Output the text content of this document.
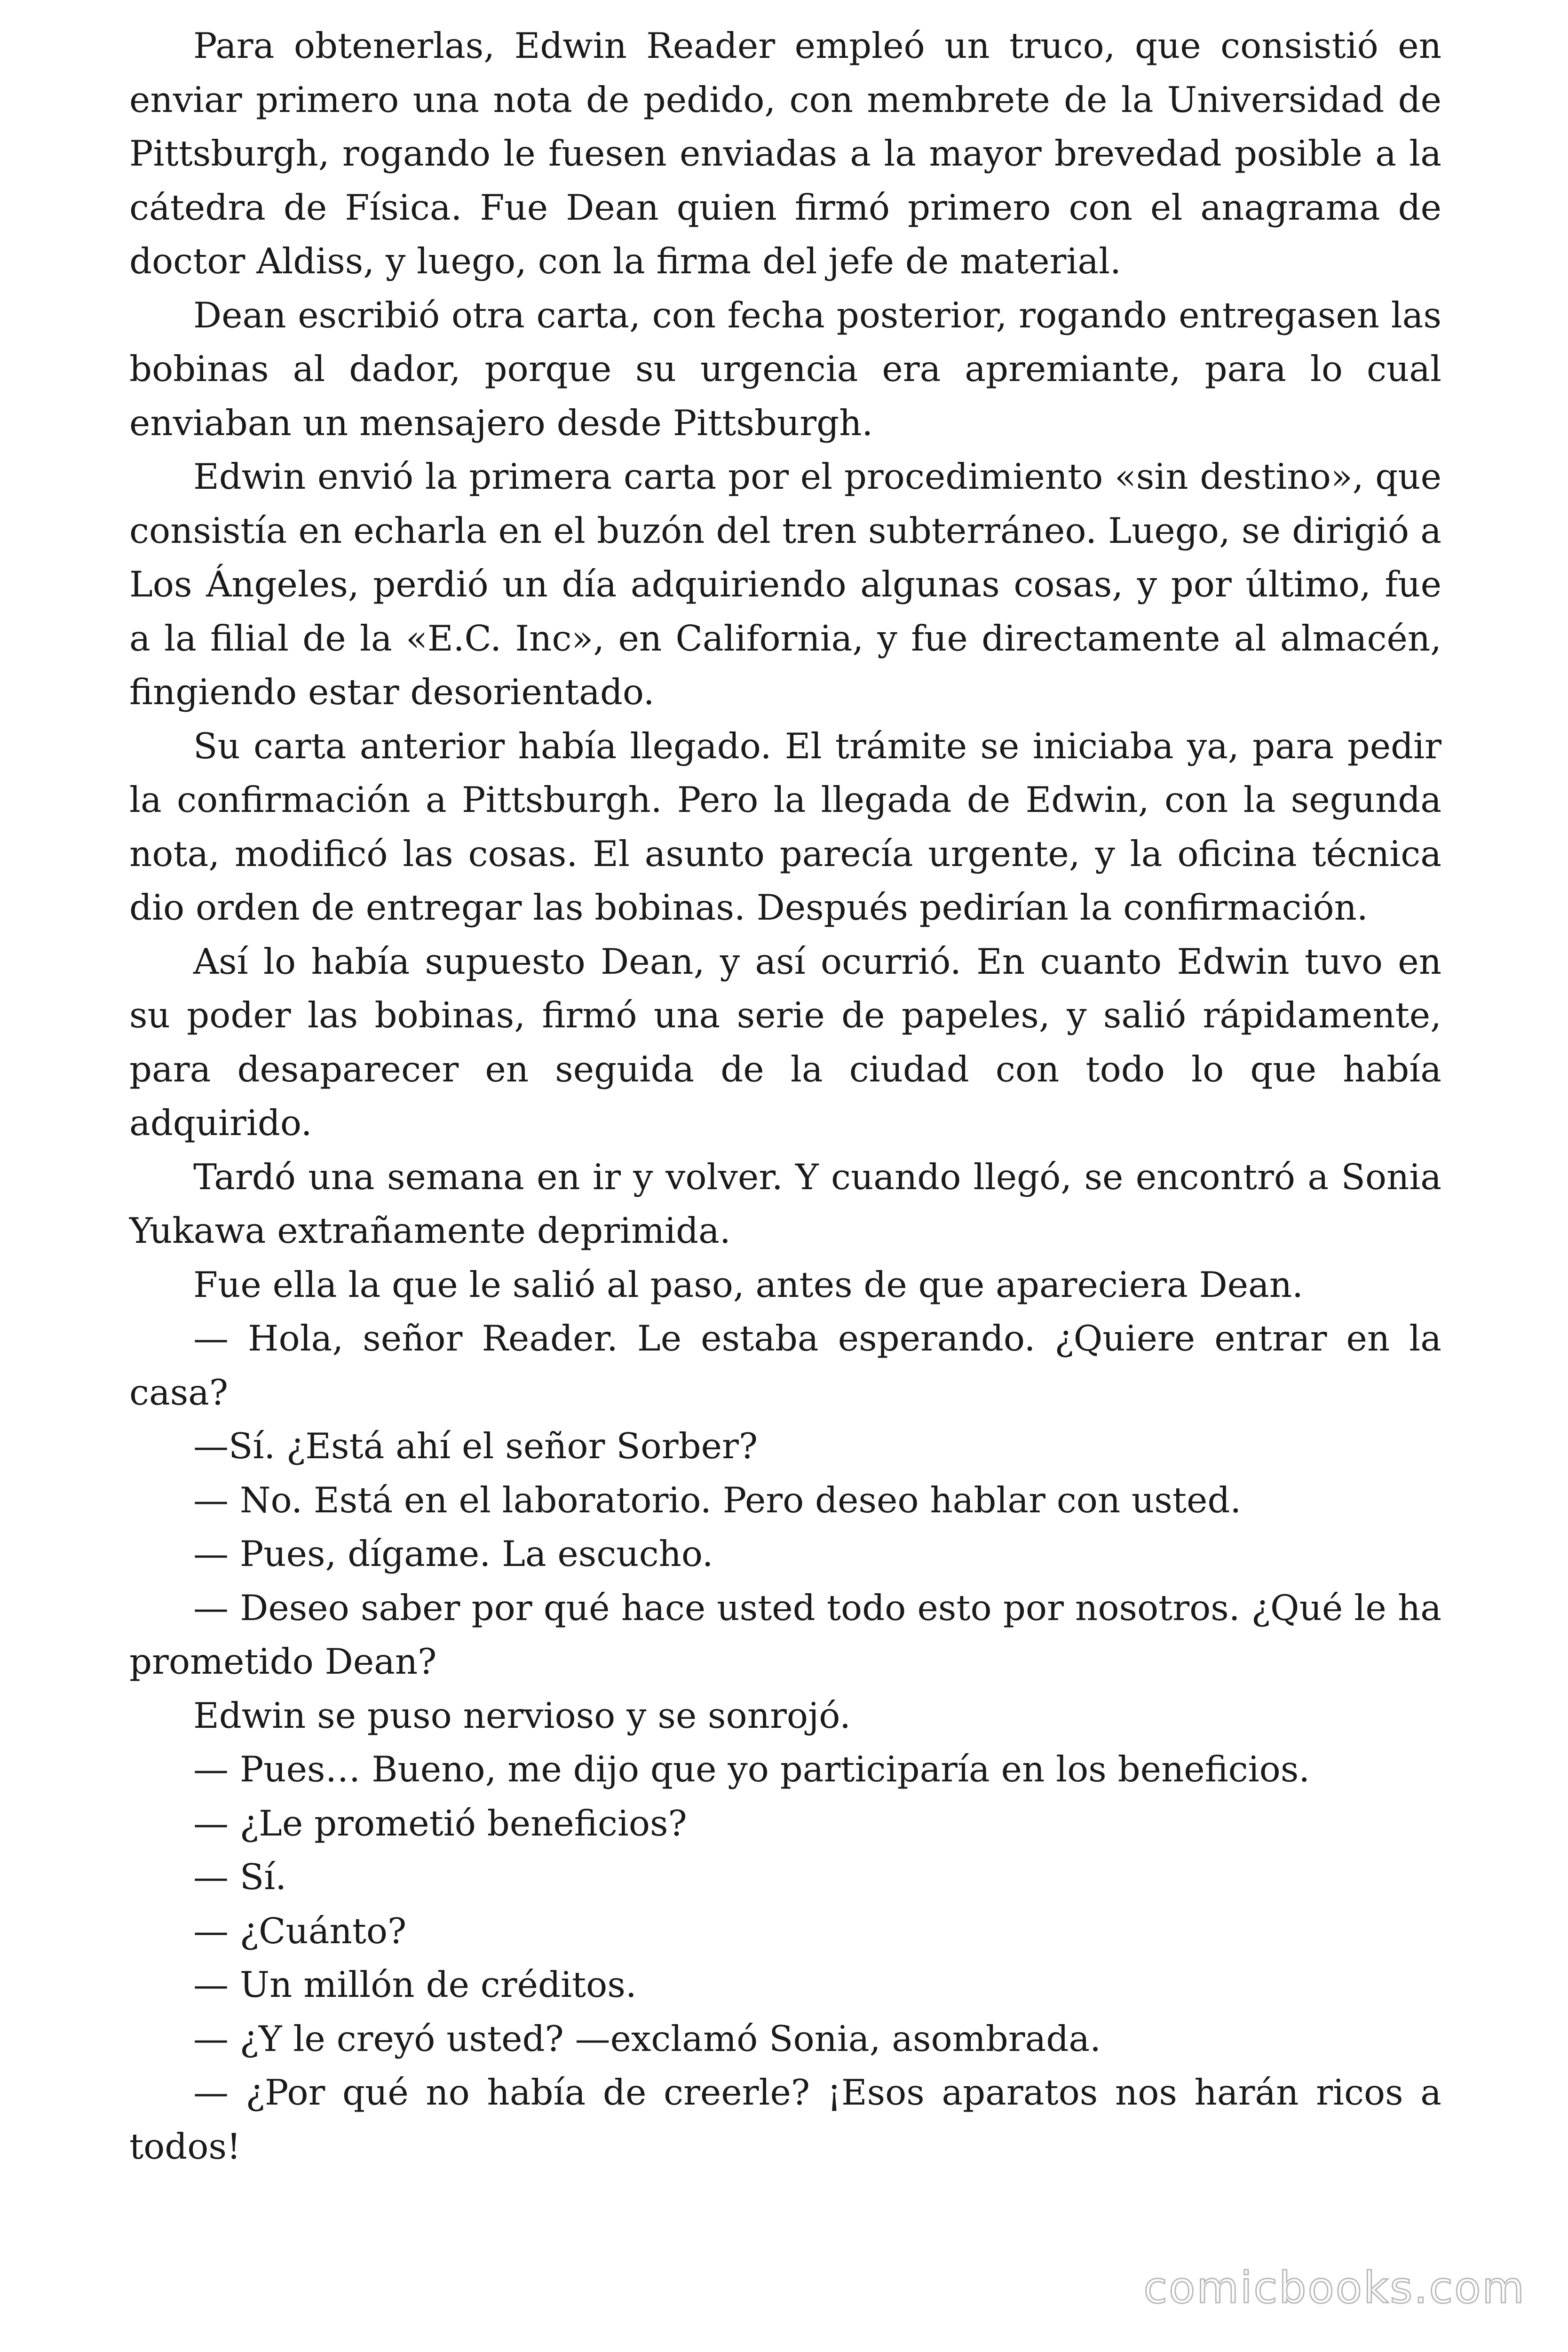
Para obtenerlas, Edwin Reader empleó un truco, que consistió en enviar primero una nota de pedido, con membrete de la Universidad de Pittsburgh, rogando le fuesen enviadas a la mayor brevedad posible a la cátedra de Física. Fue Dean quien firmó primero con el anagrama de doctor Aldiss, y luego, con la firma del jefe de material.

Dean escribió otra carta, con fecha posterior, rogando entregasen las bobinas al dador, porque su urgencia era apremiante, para lo cual enviaban un mensajero desde Pittsburgh.

Edwin envió la primera carta por el procedimiento «sin destino», que consistía en echarla en el buzón del tren subterráneo. Luego, se dirigió a Los Ángeles, perdió un día adquiriendo algunas cosas, y por último, fue a la filial de la «E.C. Inc», en California, y fue directamente al almacén, fingiendo estar desorientado.

Su carta anterior había llegado. El trámite se iniciaba ya, para pedir la confirmación a Pittsburgh. Pero la llegada de Edwin, con la segunda nota, modificó las cosas. El asunto parecía urgente, y la oficina técnica dio orden de entregar las bobinas. Después pedirían la confirmación.

Así lo había supuesto Dean, y así ocurrió. En cuanto Edwin tuvo en su poder las bobinas, firmó una serie de papeles, y salió rápidamente, para desaparecer en seguida de la ciudad con todo lo que había adquirido.

Tardó una semana en ir y volver. Y cuando llegó, se encontró a Sonia Yukawa extrañamente deprimida.

Fue ella la que le salió al paso, antes de que apareciera Dean.

— Hola, señor Reader. Le estaba esperando. ¿Quiere entrar en la casa?

—Sí. ¿Está ahí el señor Sorber?

— No. Está en el laboratorio. Pero deseo hablar con usted.

— Pues, dígame. La escucho.

— Deseo saber por qué hace usted todo esto por nosotros. ¿Qué le ha prometido Dean?

Edwin se puso nervioso y se sonrojó.

— Pues… Bueno, me dijo que yo participaría en los beneficios.

— ¿Le prometió beneficios?

— Sí.

— ¿Cuánto?

— Un millón de créditos.

— ¿Y le creyó usted? —exclamó Sonia, asombrada.

— ¿Por qué no había de creerle? ¡Esos aparatos nos harán ricos a todos!

comicbooks.com
